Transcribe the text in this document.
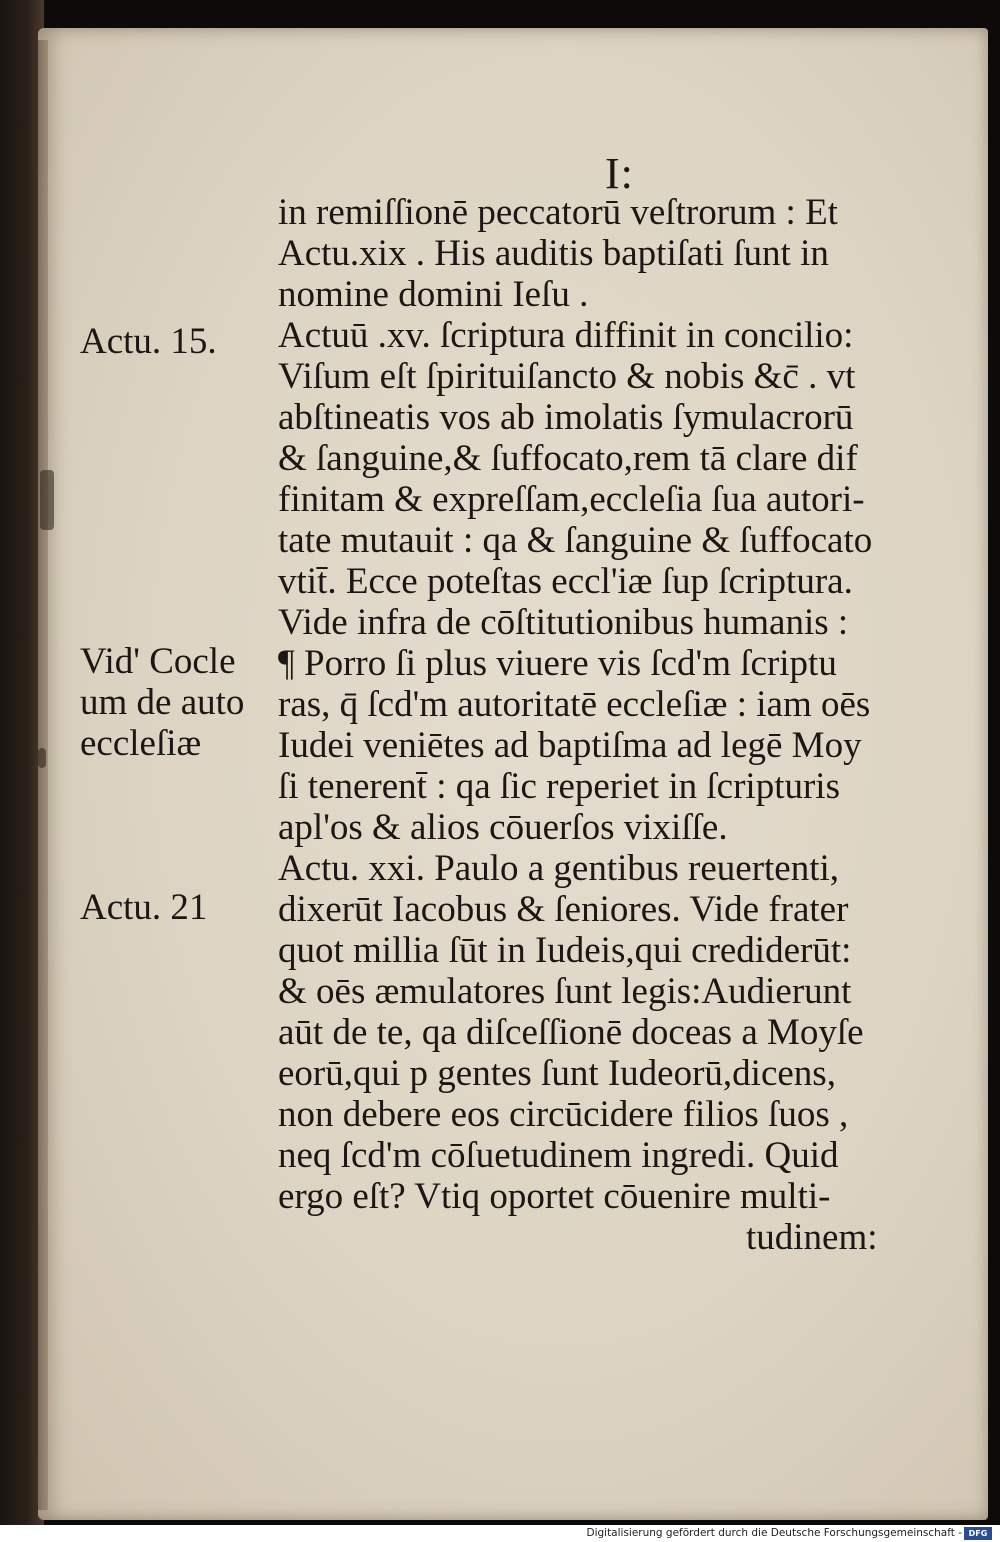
I:
in remiſſionē peccatorū veſtrorum : Et
Actu.xix . His auditis baptiſati ſunt in
nomine domini Ieſu .
Actuū .xv. ſcriptura diffinit in concilio:
Viſum eſt ſpirituiſancto & nobis &c̄ . vt
abſtineatis vos ab imolatis ſymulacrorū
& ſanguine,& ſuffocato,rem tā clare dif
finitam & expreſſam,eccleſia ſua autori-
tate mutauit : qa & ſanguine & ſuffocato
vtit̄. Ecce poteſtas eccl'iæ ſup ſcriptura.
Vide infra de cōſtitutionibus humanis :
¶ Porro ſi plus viuere vis ſcd'm ſcriptu
ras, q̄ ſcd'm autoritatē eccleſiæ : iam oēs
Iudei veniētes ad baptiſma ad legē Moy
ſi tenerent̄ : qa ſic reperiet in ſcripturis
apl'os & alios cōuerſos vixiſſe.
Actu. xxi. Paulo a gentibus reuertenti,
dixerūt Iacobus & ſeniores. Vide frater
quot millia ſūt in Iudeis,qui crediderūt:
& oēs æmulatores ſunt legis:Audierunt
aūt de te, qa diſceſſionē doceas a Moyſe
eorū,qui p gentes ſunt Iudeorū,dicens,
non debere eos circūcidere filios ſuos ,
neq ſcd'm cōſuetudinem ingredi. Quid
ergo eſt? Vtiq oportet cōuenire multi-
tudinem:
Actu. 15.
Vid' Cocle
um de auto
eccleſiæ
Actu. 21
Digitalisierung gefördert durch die Deutsche Forschungsgemeinschaft - DFG
